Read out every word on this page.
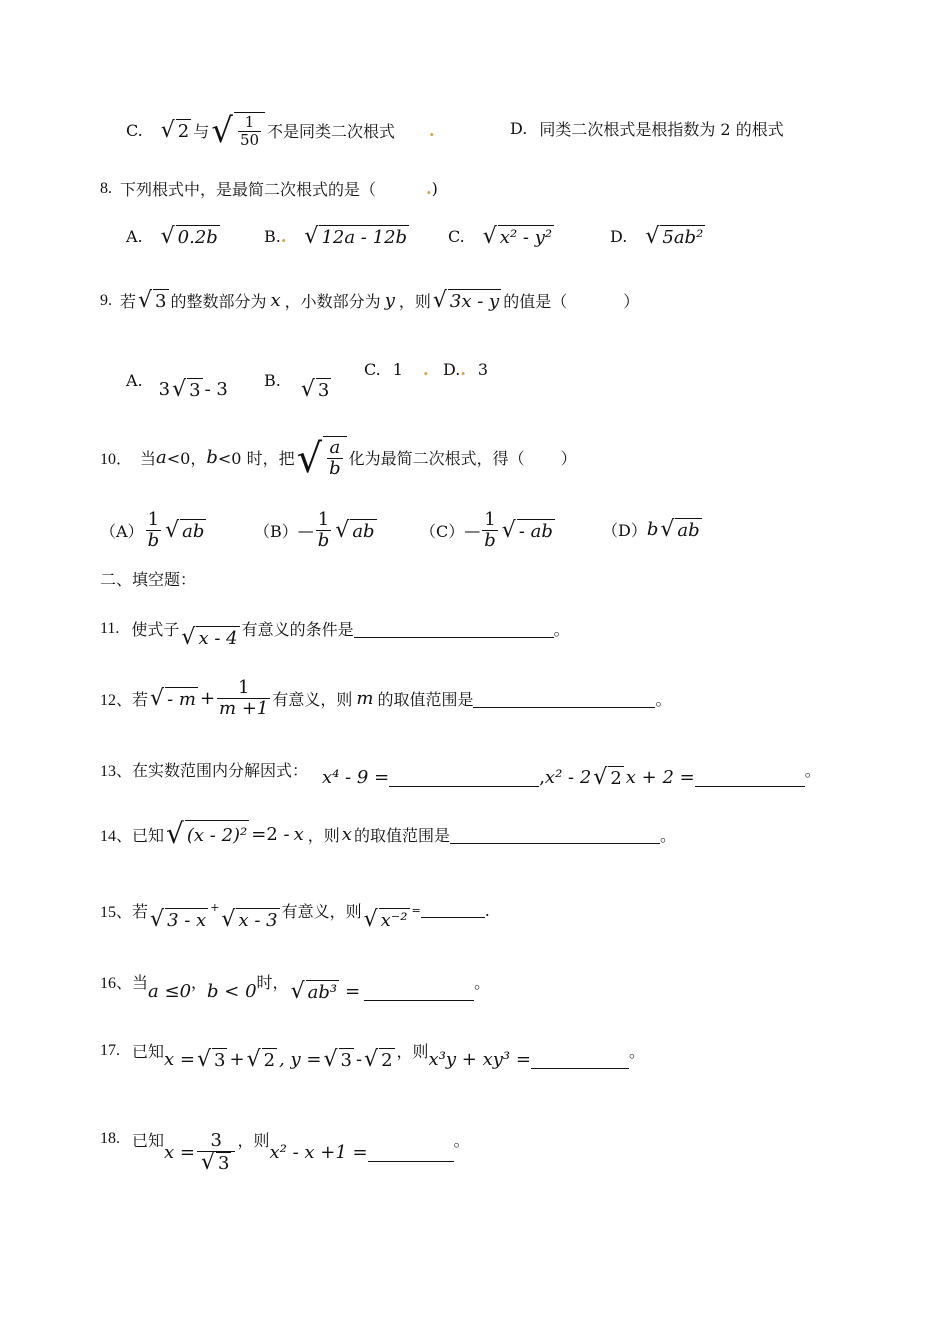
C. √ 2 与 √ $\frac{1}{50}$ 不是同类二次根式 .	D. 同类二次根式是根指数为 2 的根式
8. 下列根式中，是最简二次根式的是（	. )
A. √ 0.2b	B. . √ 12a - 12b	C. √ x² - y²	D. √ 5ab²
9. 若 √ 3 的整数部分为 x ，小数部分为 y ，则 √ 3x - y 的值是（	）
A. 3 √ 3 - 3 B. √ 3
C. 1 . D. . 3
10． 当 a <0， b <0 时，把 √ $\frac{a}{b}$ 化为最简二次根式，得（ ）
$(A) \frac{1}{b}$ √ ab	（B） — $\frac{1}{b}$ √ ab	（C） — $\frac{1}{b}$ √ - ab	（D） b √ ab
二、填空题：
11. 使式子 √ x - 4 有意义的条件是	。
12、 若 √ - $m + \frac{1}{m +1}$ 有意义，则 m 的取值范围是	。
13、 在实数范围内分解因式： x⁴ - 9 =	, x² - 2 √ 2 x + 2 =	。
14、 已知 √ (x - 2)² =2 - x ，则 x 的取值范围是	。
15、 若 √ 3 - x
+ √ x - 3 有意义，则 √ x⁻² =	.
16、 当 a ≤0 ， b < 0 时， √ ab³ =	。
17. 已知 x = √ 3 + √ 2 , y = √ 3 - √ 2 ，则 x³y + xy³ =	。
18. 已知
$x = \frac{3}{√ 3}$ ，则
x² - x +1 =
。
